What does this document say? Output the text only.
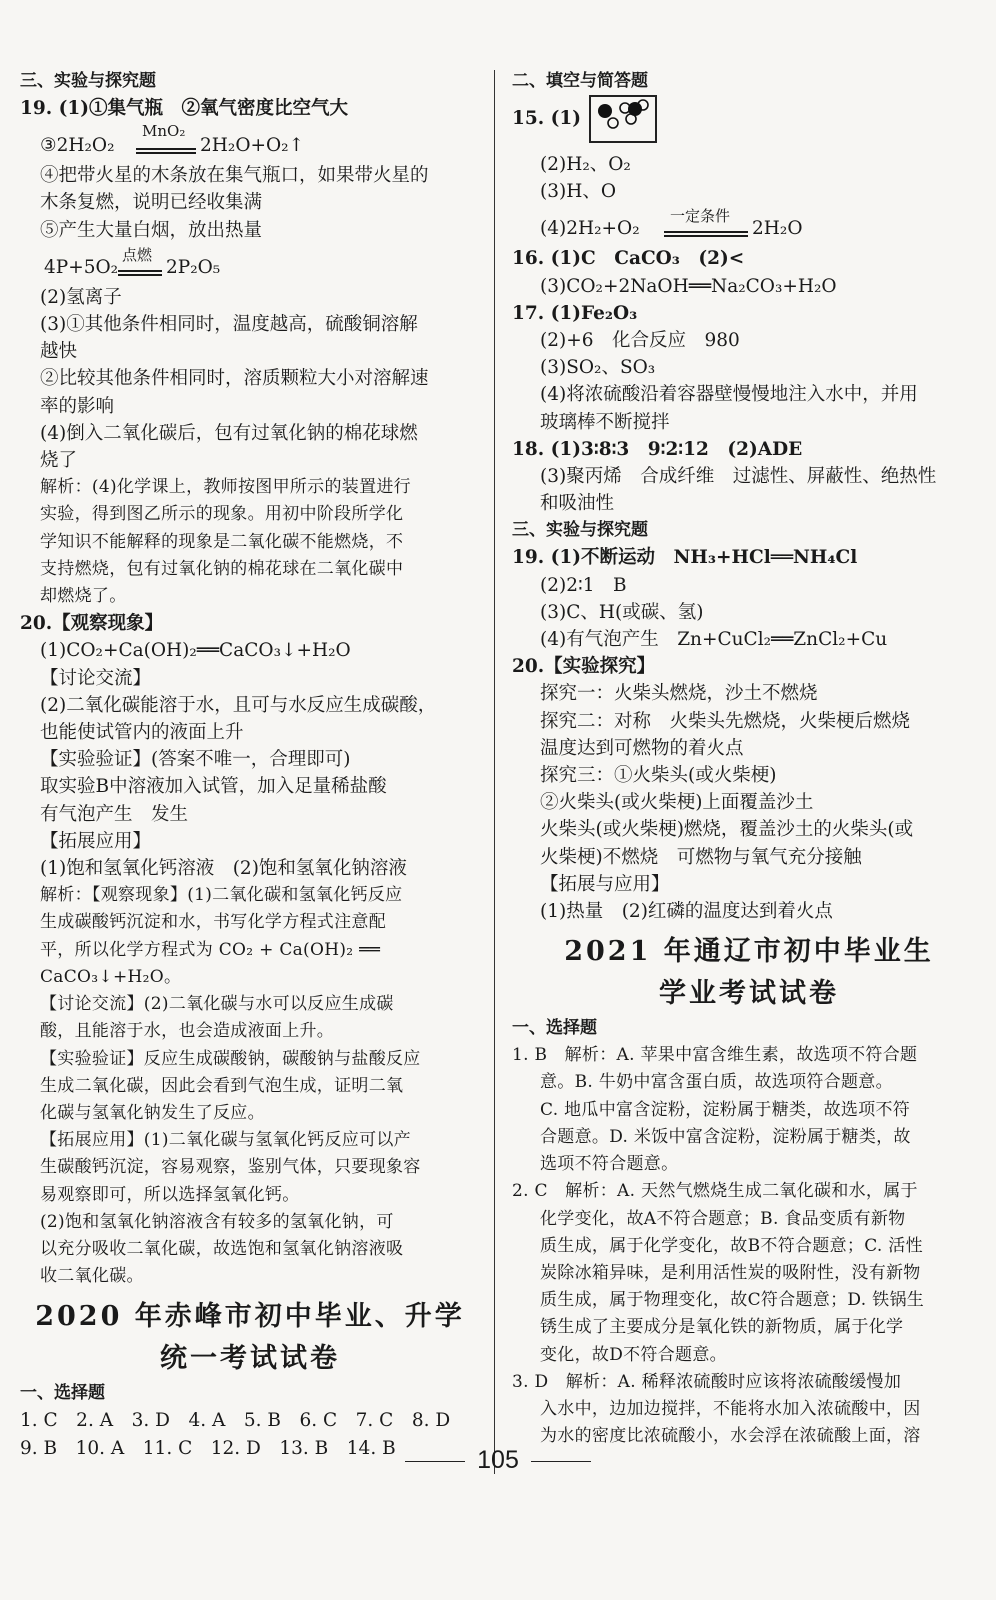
三、实验与探究题
19. (1)①集气瓶　②氧气密度比空气大
③2H₂O₂
MnO₂
2H₂O+O₂↑
④把带火星的木条放在集气瓶口，如果带火星的
木条复燃，说明已经收集满
⑤产生大量白烟，放出热量
4P+5O₂
点燃
2P₂O₅
(2)氢离子
(3)①其他条件相同时，温度越高，硫酸铜溶解
越快
②比较其他条件相同时，溶质颗粒大小对溶解速
率的影响
(4)倒入二氧化碳后，包有过氧化钠的棉花球燃
烧了
解析：(4)化学课上，教师按图甲所示的装置进行
实验，得到图乙所示的现象。用初中阶段所学化
学知识不能解释的现象是二氧化碳不能燃烧，不
支持燃烧，包有过氧化钠的棉花球在二氧化碳中
却燃烧了。
20.【观察现象】
(1)CO₂+Ca(OH)₂══CaCO₃↓+H₂O
【讨论交流】
(2)二氧化碳能溶于水，且可与水反应生成碳酸，
也能使试管内的液面上升
【实验验证】(答案不唯一，合理即可)
取实验B中溶液加入试管，加入足量稀盐酸
有气泡产生　发生
【拓展应用】
(1)饱和氢氧化钙溶液　(2)饱和氢氧化钠溶液
解析：【观察现象】(1)二氧化碳和氢氧化钙反应
生成碳酸钙沉淀和水，书写化学方程式注意配
平，所以化学方程式为 CO₂ + Ca(OH)₂ ══
CaCO₃↓+H₂O。
【讨论交流】(2)二氧化碳与水可以反应生成碳
酸，且能溶于水，也会造成液面上升。
【实验验证】反应生成碳酸钠，碳酸钠与盐酸反应
生成二氧化碳，因此会看到气泡生成，证明二氧
化碳与氢氧化钠发生了反应。
【拓展应用】(1)二氧化碳与氢氧化钙反应可以产
生碳酸钙沉淀，容易观察，鉴别气体，只要现象容
易观察即可，所以选择氢氧化钙。
(2)饱和氢氧化钠溶液含有较多的氢氧化钠，可
以充分吸收二氧化碳，故选饱和氢氧化钠溶液吸
收二氧化碳。
2020 年赤峰市初中毕业、升学
统一考试试卷
一、选择题
1. C　2. A　3. D　4. A　5. B　6. C　7. C　8. D
9. B　10. A　11. C　12. D　13. B　14. B
二、填空与简答题
15. (1)
(2)H₂、O₂
(3)H、O
(4)2H₂+O₂
一定条件
2H₂O
16. (1)C　CaCO₃　(2)<
(3)CO₂+2NaOH══Na₂CO₃+H₂O
17. (1)Fe₂O₃
(2)+6　化合反应　980
(3)SO₂、SO₃
(4)将浓硫酸沿着容器壁慢慢地注入水中，并用
玻璃棒不断搅拌
18. (1)3∶8∶3　9∶2∶12　(2)ADE
(3)聚丙烯　合成纤维　过滤性、屏蔽性、绝热性
和吸油性
三、实验与探究题
19. (1)不断运动　NH₃+HCl══NH₄Cl
(2)2∶1　B
(3)C、H(或碳、氢)
(4)有气泡产生　Zn+CuCl₂══ZnCl₂+Cu
20.【实验探究】
探究一：火柴头燃烧，沙土不燃烧
探究二：对称　火柴头先燃烧，火柴梗后燃烧
温度达到可燃物的着火点
探究三：①火柴头(或火柴梗)
②火柴头(或火柴梗)上面覆盖沙土
火柴头(或火柴梗)燃烧，覆盖沙土的火柴头(或
火柴梗)不燃烧　可燃物与氧气充分接触
【拓展与应用】
(1)热量　(2)红磷的温度达到着火点
2021 年通辽市初中毕业生
学业考试试卷
一、选择题
1. B　解析：A. 苹果中富含维生素，故选项不符合题
意。B. 牛奶中富含蛋白质，故选项符合题意。
C. 地瓜中富含淀粉，淀粉属于糖类，故选项不符
合题意。D. 米饭中富含淀粉，淀粉属于糖类，故
选项不符合题意。
2. C　解析：A. 天然气燃烧生成二氧化碳和水，属于
化学变化，故A不符合题意；B. 食品变质有新物
质生成，属于化学变化，故B不符合题意；C. 活性
炭除冰箱异味，是利用活性炭的吸附性，没有新物
质生成，属于物理变化，故C符合题意；D. 铁锅生
锈生成了主要成分是氧化铁的新物质，属于化学
变化，故D不符合题意。
3. D　解析：A. 稀释浓硫酸时应该将浓硫酸缓慢加
入水中，边加边搅拌，不能将水加入浓硫酸中，因
为水的密度比浓硫酸小，水会浮在浓硫酸上面，溶
105
